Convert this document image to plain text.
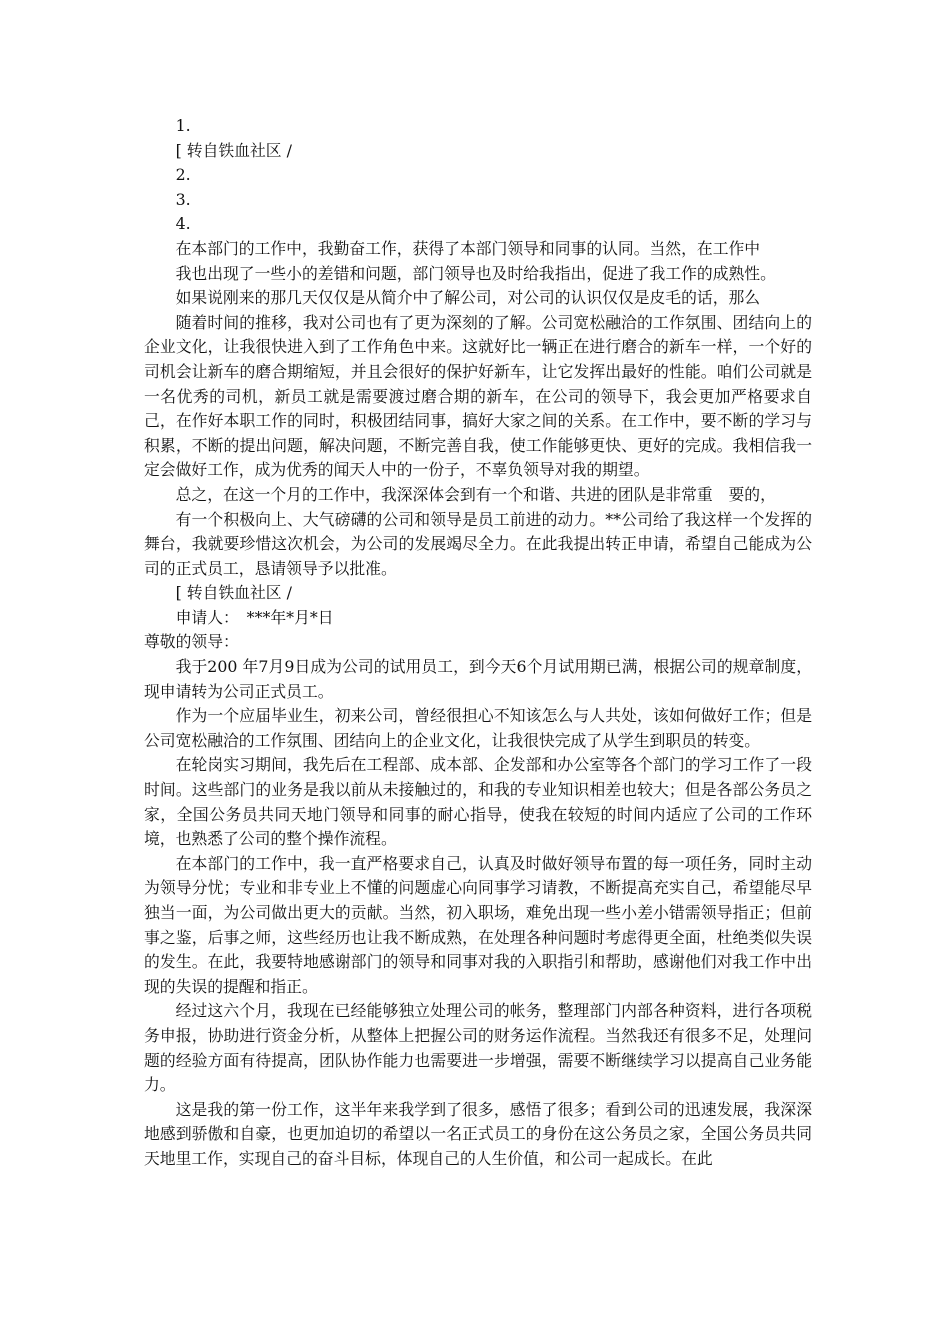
1.

[ 转自铁血社区 /

2.

3.

4.

在本部门的工作中，我勤奋工作，获得了本部门领导和同事的认同。当然，在工作中

我也出现了一些小的差错和问题，部门领导也及时给我指出，促进了我工作的成熟性。

如果说刚来的那几天仅仅是从简介中了解公司，对公司的认识仅仅是皮毛的话，那么

随着时间的推移，我对公司也有了更为深刻的了解。公司宽松融洽的工作氛围、团结向上的企业文化，让我很快进入到了工作角色中来。这就好比一辆正在进行磨合的新车一样，一个好的司机会让新车的磨合期缩短，并且会很好的保护好新车，让它发挥出最好的性能。咱们公司就是一名优秀的司机，新员工就是需要渡过磨合期的新车，在公司的领导下，我会更加严格要求自己，在作好本职工作的同时，积极团结同事，搞好大家之间的关系。在工作中，要不断的学习与积累，不断的提出问题，解决问题，不断完善自我，使工作能够更快、更好的完成。我相信我一定会做好工作，成为优秀的闻天人中的一份子，不辜负领导对我的期望。

总之，在这一个月的工作中，我深深体会到有一个和谐、共进的团队是非常重　要的，

有一个积极向上、大气磅礴的公司和领导是员工前进的动力。**公司给了我这样一个发挥的舞台，我就要珍惜这次机会，为公司的发展竭尽全力。在此我提出转正申请，希望自己能成为公司的正式员工，恳请领导予以批准。

[ 转自铁血社区 /

申请人：　***年*月*日

尊敬的领导：

我于200 年7月9日成为公司的试用员工，到今天6个月试用期已满，根据公司的规章制度，现申请转为公司正式员工。

作为一个应届毕业生，初来公司，曾经很担心不知该怎么与人共处，该如何做好工作；但是公司宽松融洽的工作氛围、团结向上的企业文化，让我很快完成了从学生到职员的转变。

在轮岗实习期间，我先后在工程部、成本部、企发部和办公室等各个部门的学习工作了一段时间。这些部门的业务是我以前从未接触过的，和我的专业知识相差也较大；但是各部公务员之家，全国公务员共同天地门领导和同事的耐心指导，使我在较短的时间内适应了公司的工作环境，也熟悉了公司的整个操作流程。

在本部门的工作中，我一直严格要求自己，认真及时做好领导布置的每一项任务，同时主动为领导分忧；专业和非专业上不懂的问题虚心向同事学习请教，不断提高充实自己，希望能尽早独当一面，为公司做出更大的贡献。当然，初入职场，难免出现一些小差小错需领导指正；但前事之鉴，后事之师，这些经历也让我不断成熟，在处理各种问题时考虑得更全面，杜绝类似失误的发生。在此，我要特地感谢部门的领导和同事对我的入职指引和帮助，感谢他们对我工作中出现的失误的提醒和指正。

经过这六个月，我现在已经能够独立处理公司的帐务，整理部门内部各种资料，进行各项税务申报，协助进行资金分析，从整体上把握公司的财务运作流程。当然我还有很多不足，处理问题的经验方面有待提高，团队协作能力也需要进一步增强，需要不断继续学习以提高自己业务能力。

这是我的第一份工作，这半年来我学到了很多，感悟了很多；看到公司的迅速发展，我深深地感到骄傲和自豪，也更加迫切的希望以一名正式员工的身份在这公务员之家，全国公务员共同天地里工作，实现自己的奋斗目标，体现自己的人生价值，和公司一起成长。在此
